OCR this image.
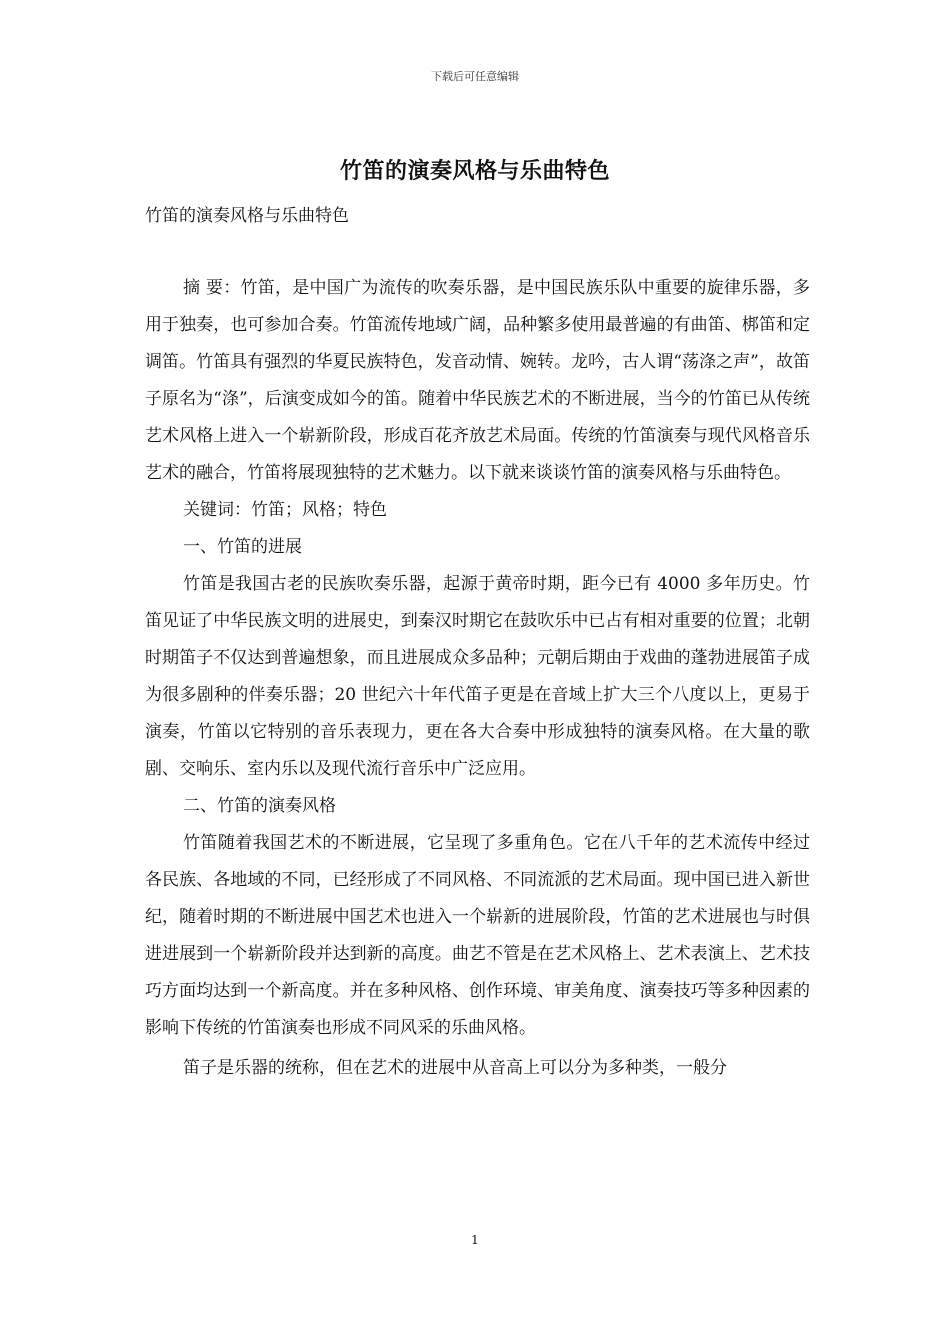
下载后可任意编辑
竹笛的演奏风格与乐曲特色
竹笛的演奏风格与乐曲特色

摘 要：竹笛，是中国广为流传的吹奏乐器，是中国民族乐队中重要的旋律乐器，多用于独奏，也可参加合奏。竹笛流传地域广阔，品种繁多使用最普遍的有曲笛、梆笛和定调笛。竹笛具有强烈的华夏民族特色，发音动情、婉转。龙吟，古人谓“荡涤之声”，故笛子原名为“涤”，后演变成如今的笛。随着中华民族艺术的不断进展，当今的竹笛已从传统艺术风格上进入一个崭新阶段，形成百花齐放艺术局面。传统的竹笛演奏与现代风格音乐艺术的融合，竹笛将展现独特的艺术魅力。以下就来谈谈竹笛的演奏风格与乐曲特色。

关键词：竹笛；风格；特色

一、竹笛的进展

竹笛是我国古老的民族吹奏乐器，起源于黄帝时期，距今已有 4000 多年历史。竹笛见证了中华民族文明的进展史，到秦汉时期它在鼓吹乐中已占有相对重要的位置；北朝时期笛子不仅达到普遍想象，而且进展成众多品种；元朝后期由于戏曲的蓬勃进展笛子成为很多剧种的伴奏乐器；20 世纪六十年代笛子更是在音域上扩大三个八度以上，更易于演奏，竹笛以它特别的音乐表现力，更在各大合奏中形成独特的演奏风格。在大量的歌剧、交响乐、室内乐以及现代流行音乐中广泛应用。

二、竹笛的演奏风格

竹笛随着我国艺术的不断进展，它呈现了多重角色。它在八千年的艺术流传中经过各民族、各地域的不同，已经形成了不同风格、不同流派的艺术局面。现中国已进入新世纪，随着时期的不断进展中国艺术也进入一个崭新的进展阶段，竹笛的艺术进展也与时俱进进展到一个崭新阶段并达到新的高度。曲艺不管是在艺术风格上、艺术表演上、艺术技巧方面均达到一个新高度。并在多种风格、创作环境、审美角度、演奏技巧等多种因素的影响下传统的竹笛演奏也形成不同风采的乐曲风格。

笛子是乐器的统称，但在艺术的进展中从音高上可以分为多种类，一般分

1
